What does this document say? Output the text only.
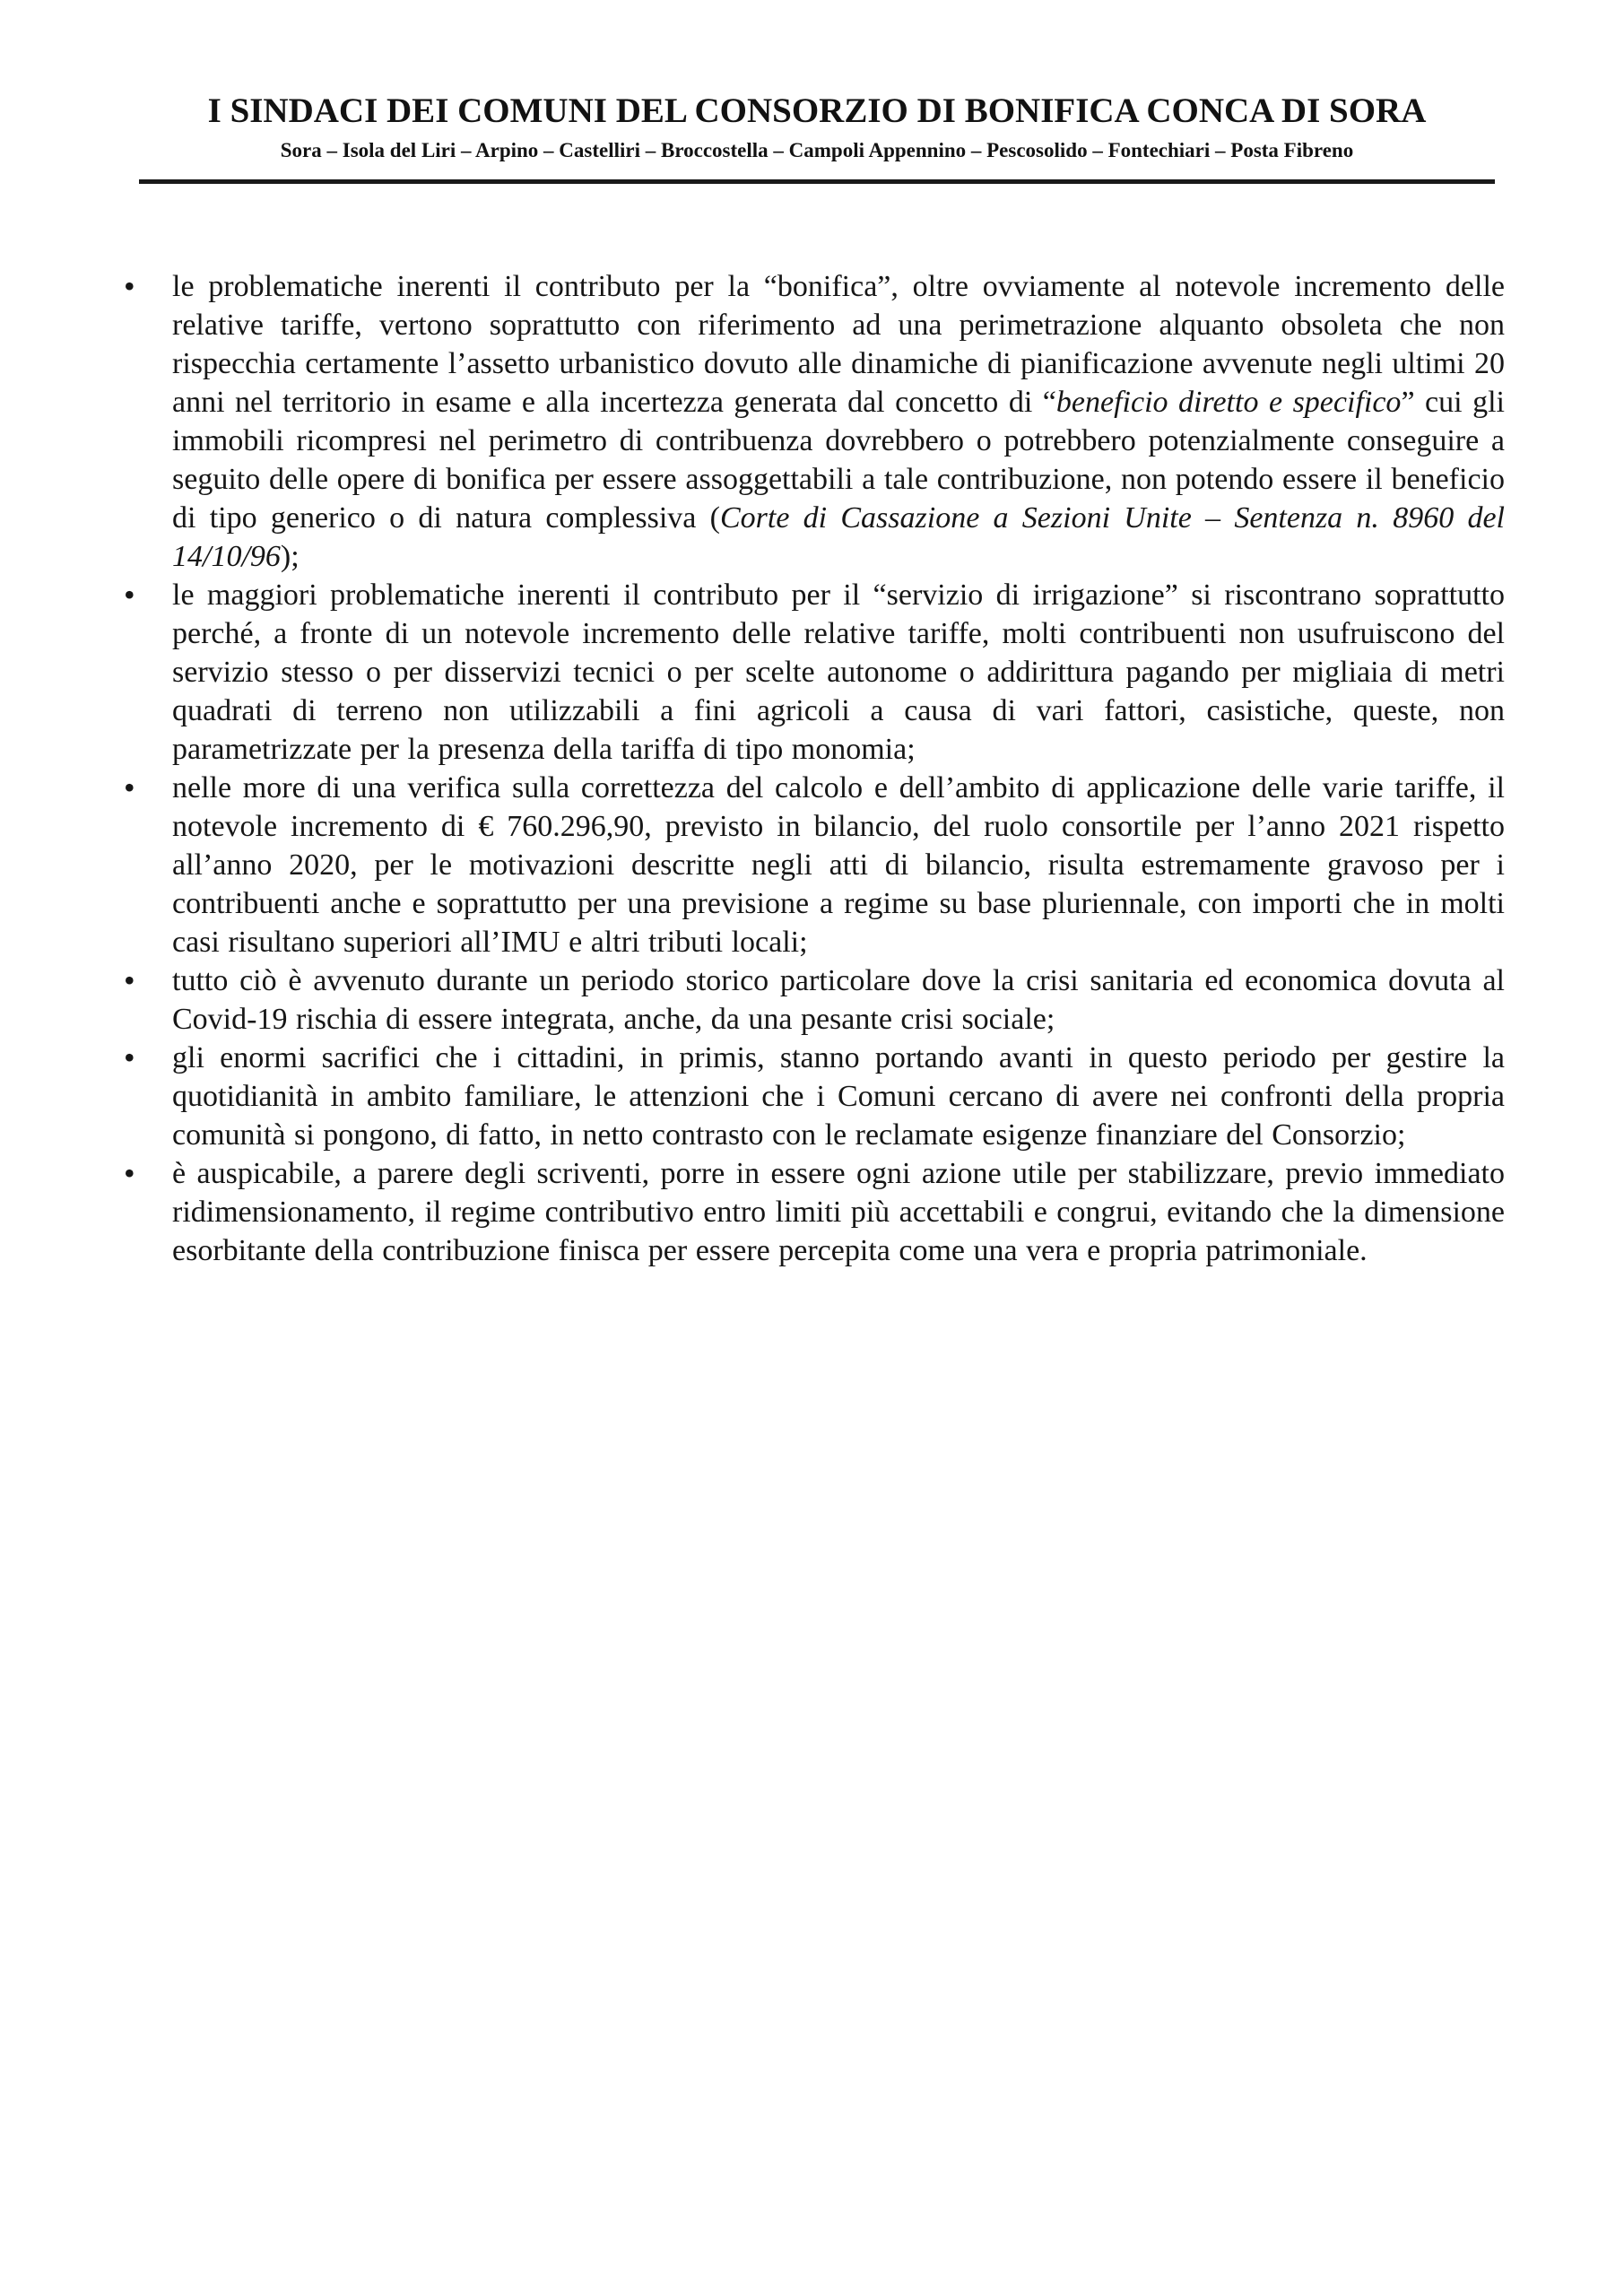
I SINDACI DEI COMUNI DEL CONSORZIO DI BONIFICA CONCA DI SORA
Sora – Isola del Liri – Arpino – Castelliri – Broccostella – Campoli Appennino – Pescosolido – Fontechiari – Posta Fibreno
•	le problematiche inerenti il contributo per la “bonifica”, oltre ovviamente al notevole incremento delle relative tariffe, vertono soprattutto con riferimento ad una perimetrazione alquanto obsoleta che non rispecchia certamente l’assetto urbanistico dovuto alle dinamiche di pianificazione avvenute negli ultimi 20 anni nel territorio in esame e alla incertezza generata dal concetto di “beneficio diretto e specifico” cui gli immobili ricompresi nel perimetro di contribuenza dovrebbero o potrebbero potenzialmente conseguire a seguito delle opere di bonifica per essere assoggettabili a tale contribuzione, non potendo essere il beneficio di tipo generico o di natura complessiva (Corte di Cassazione a Sezioni Unite – Sentenza n. 8960 del 14/10/96);
•	le maggiori problematiche inerenti il contributo per il “servizio di irrigazione” si riscontrano soprattutto perché, a fronte di un notevole incremento delle relative tariffe, molti contribuenti non usufruiscono del servizio stesso o per disservizi tecnici o per scelte autonome o addirittura pagando per migliaia di metri quadrati di terreno non utilizzabili a fini agricoli a causa di vari fattori, casistiche, queste, non parametrizzate per la presenza della tariffa di tipo monomia;
•	nelle more di una verifica sulla correttezza del calcolo e dell’ambito di applicazione delle varie tariffe, il notevole incremento di € 760.296,90, previsto in bilancio, del ruolo consortile per l’anno 2021 rispetto all’anno 2020, per le motivazioni descritte negli atti di bilancio, risulta estremamente gravoso per i contribuenti anche e soprattutto per una previsione a regime su base pluriennale, con importi che in molti casi risultano superiori all’IMU e altri tributi locali;
•	tutto ciò è avvenuto durante un periodo storico particolare dove la crisi sanitaria ed economica dovuta al Covid-19 rischia di essere integrata, anche, da una pesante crisi sociale;
•	gli enormi sacrifici che i cittadini, in primis, stanno portando avanti in questo periodo per gestire la quotidianità in ambito familiare, le attenzioni che i Comuni cercano di avere nei confronti della propria comunità si pongono, di fatto, in netto contrasto con le reclamate esigenze finanziare del Consorzio;
•	è auspicabile, a parere degli scriventi, porre in essere ogni azione utile per stabilizzare, previo immediato ridimensionamento, il regime contributivo entro limiti più accettabili e congrui, evitando che la dimensione esorbitante della contribuzione finisca per essere percepita come una vera e propria patrimoniale.
